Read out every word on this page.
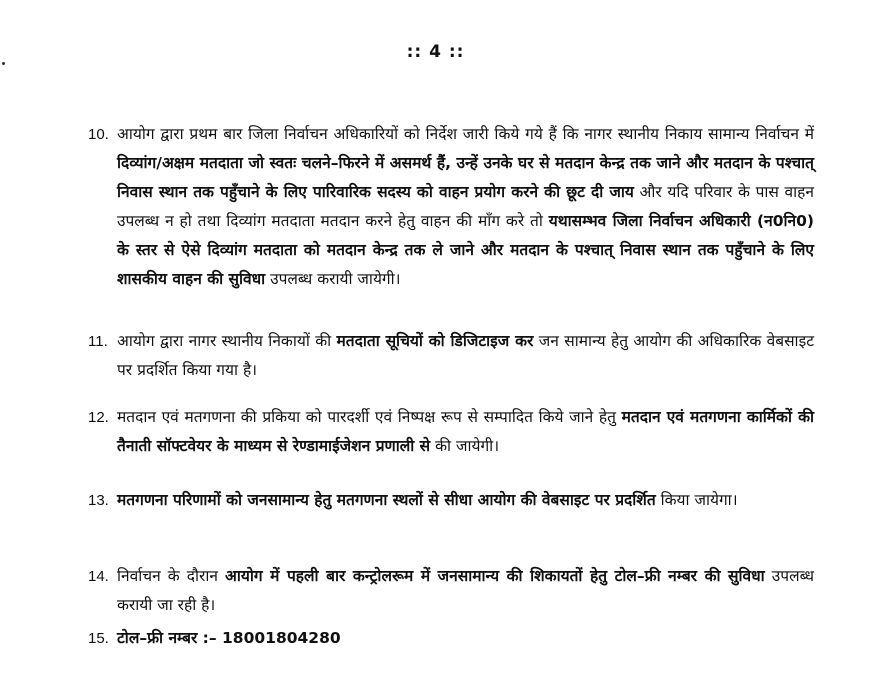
:: 4 ::
10. आयोग द्वारा प्रथम बार जिला निर्वाचन अधिकारियों को निर्देश जारी किये गये हैं कि नागर स्थानीय निकाय सामान्य निर्वाचन में दिव्यांग/अक्षम मतदाता जो स्वतः चलने–फिरने में असमर्थ हैं, उन्हें उनके घर से मतदान केन्द्र तक जाने और मतदान के पश्चात् निवास स्थान तक पहुँचाने के लिए पारिवारिक सदस्य को वाहन प्रयोग करने की छूट दी जाय और यदि परिवार के पास वाहन उपलब्ध न हो तथा दिव्यांग मतदाता मतदान करने हेतु वाहन की माँग करे तो यथासम्भव जिला निर्वाचन अधिकारी (न0नि0) के स्तर से ऐसे दिव्यांग मतदाता को मतदान केन्द्र तक ले जाने और मतदान के पश्चात् निवास स्थान तक पहुँचाने के लिए शासकीय वाहन की सुविधा उपलब्ध करायी जायेगी।
11. आयोग द्वारा नागर स्थानीय निकायों की मतदाता सूचियों को डिजिटाइज कर जन सामान्य हेतु आयोग की अधिकारिक वेबसाइट पर प्रदर्शित किया गया है।
12. मतदान एवं मतगणना की प्रकिया को पारदर्शी एवं निष्पक्ष रूप से सम्पादित किये जाने हेतु मतदान एवं मतगणना कार्मिकों की तैनाती सॉफ्टवेयर के माध्यम से रेण्डामाईजेशन प्रणाली से की जायेगी।
13. मतगणना परिणामों को जनसामान्य हेतु मतगणना स्थलों से सीधा आयोग की वेबसाइट पर प्रदर्शित किया जायेगा।
14. निर्वाचन के दौरान आयोग में पहली बार कन्ट्रोलरूम में जनसामान्य की शिकायतों हेतु टोल–फ्री नम्बर की सुविधा उपलब्ध करायी जा रही है।
15. टोल–फ्री नम्बर :– 18001804280
